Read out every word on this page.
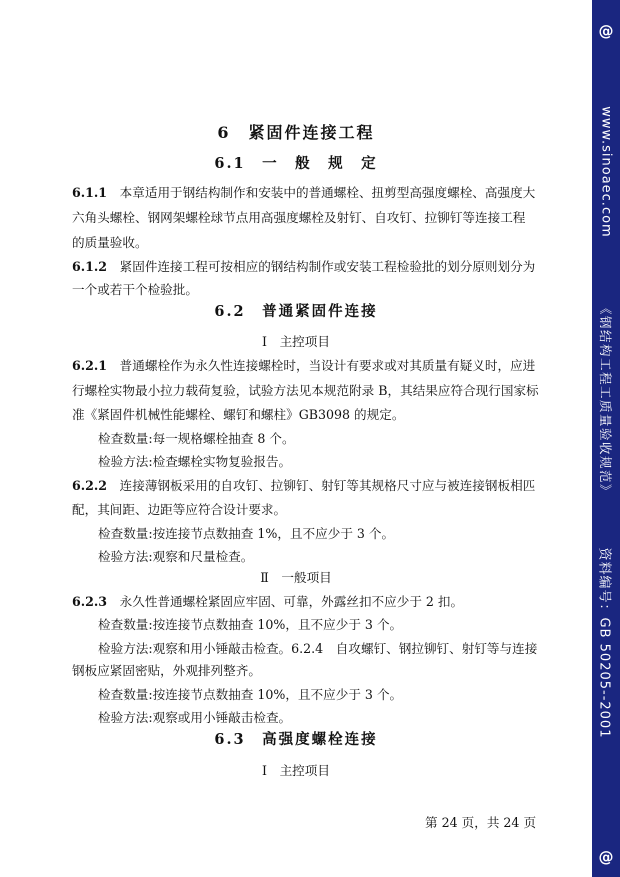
6　紧固件连接工程
6.1　一　般　规　定
6.1.1　 本章适用于钢结构制作和安装中的普通螺栓、扭剪型高强度螺栓、高强度大
六角头螺栓、钢网架螺栓球节点用高强度螺栓及射钉、自攻钉、拉铆钉等连接工程
的质量验收。
6.1.2　 紧固件连接工程可按相应的钢结构制作或安装工程检验批的划分原则划分为
一个或若干个检验批。
6.2　普通紧固件连接
Ⅰ　主控项目
6.2.1　 普通螺栓作为永久性连接螺栓时，当设计有要求或对其质量有疑义时，应进
行螺栓实物最小拉力载荷复验，试验方法见本规范附录 B，其结果应符合现行国家标
准《紧固件机械性能螺栓、螺钉和螺柱》GB3098 的规定。
检查数量:每一规格螺栓抽查 8 个。
检验方法:检查螺栓实物复验报告。
6.2.2　 连接薄钢板采用的自攻钉、拉铆钉、射钉等其规格尺寸应与被连接钢板相匹
配，其间距、边距等应符合设计要求。
检查数量:按连接节点数抽查 1%，且不应少于 3 个。
检验方法:观察和尺量检查。
Ⅱ　一般项目
6.2.3　 永久性普通螺栓紧固应牢固、可靠，外露丝扣不应少于 2 扣。
检查数量:按连接节点数抽查 10%，且不应少于 3 个。
检验方法:观察和用小锤敲击检查。6.2.4　自攻螺钉、钢拉铆钉、射钉等与连接
钢板应紧固密贴，外观排列整齐。
检查数量:按连接节点数抽查 10%，且不应少于 3 个。
检验方法:观察或用小锤敲击检查。
6.3　高强度螺栓连接
Ⅰ　主控项目
第 24 页，共 24 页
@
www.sinoaec.com
《钢结构工程工质量验收规范》
资料编号：GB 50205--2001
@
